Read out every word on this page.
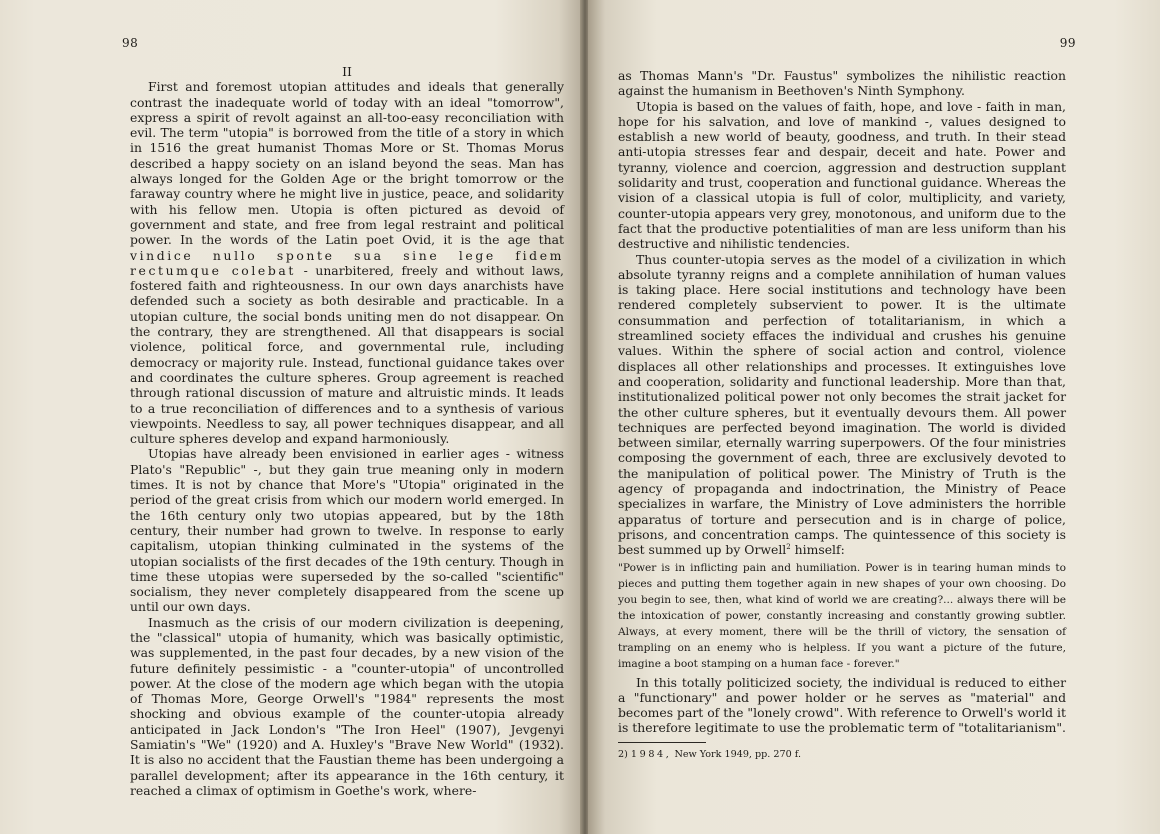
98
II

First and foremost utopian attitudes and ideals that generally contrast the inadequate world of today with an ideal "tomorrow", express a spirit of revolt against an all-too-easy reconciliation with evil. The term "utopia" is borrowed from the title of a story in which in 1516 the great humanist Thomas More or St. Thomas Morus described a happy society on an island beyond the seas. Man has always longed for the Golden Age or the bright tomorrow or the faraway country where he might live in justice, peace, and solidarity with his fellow men. Utopia is often pictured as devoid of government and state, and free from legal restraint and political power. In the words of the Latin poet Ovid, it is the age that vindice nullo sponte sua sine lege fidem rectumque colebat - unarbitered, freely and without laws, fostered faith and righteousness. In our own days anarchists have defended such a society as both desirable and practicable. In a utopian culture, the social bonds uniting men do not disappear. On the contrary, they are strengthened. All that disappears is social violence, political force, and governmental rule, including democracy or majority rule. Instead, functional guidance takes over and coordinates the culture spheres. Group agreement is reached through rational discussion of mature and altruistic minds. It leads to a true reconciliation of differences and to a synthesis of various viewpoints. Needless to say, all power techniques disappear, and all culture spheres develop and expand harmoniously.

Utopias have already been envisioned in earlier ages - witness Plato's "Republic" -, but they gain true meaning only in modern times. It is not by chance that More's "Utopia" originated in the period of the great crisis from which our modern world emerged. In the 16th century only two utopias appeared, but by the 18th century, their number had grown to twelve. In response to early capitalism, utopian thinking culminated in the systems of the utopian socialists of the first decades of the 19th century. Though in time these utopias were superseded by the so-called "scientific" socialism, they never completely disappeared from the scene up until our own days.

Inasmuch as the crisis of our modern civilization is deepening, the "classical" utopia of humanity, which was basically optimistic, was supplemented, in the past four decades, by a new vision of the future definitely pessimistic - a "counter-utopia" of uncontrolled power. At the close of the modern age which began with the utopia of Thomas More, George Orwell's "1984" represents the most shocking and obvious example of the counter-utopia already anticipated in Jack London's "The Iron Heel" (1907), Jevgenyi Samiatin's "We" (1920) and A. Huxley's "Brave New World" (1932). It is also no accident that the Faustian theme has been undergoing a parallel development; after its appearance in the 16th century, it reached a climax of optimism in Goethe's work, where-

99

as Thomas Mann's "Dr. Faustus" symbolizes the nihilistic reaction against the humanism in Beethoven's Ninth Symphony.

Utopia is based on the values of faith, hope, and love - faith in man, hope for his salvation, and love of mankind -, values designed to establish a new world of beauty, goodness, and truth. In their stead anti-utopia stresses fear and despair, deceit and hate. Power and tyranny, violence and coercion, aggression and destruction supplant solidarity and trust, cooperation and functional guidance. Whereas the vision of a classical utopia is full of color, multiplicity, and variety, counter-utopia appears very grey, monotonous, and uniform due to the fact that the productive potentialities of man are less uniform than his destructive and nihilistic tendencies.

Thus counter-utopia serves as the model of a civilization in which absolute tyranny reigns and a complete annihilation of human values is taking place. Here social institutions and technology have been rendered completely subservient to power. It is the ultimate consummation and perfection of totalitarianism, in which a streamlined society effaces the individual and crushes his genuine values. Within the sphere of social action and control, violence displaces all other relationships and processes. It extinguishes love and cooperation, solidarity and functional leadership. More than that, institutionalized political power not only becomes the strait jacket for the other culture spheres, but it eventually devours them. All power techniques are perfected beyond imagination. The world is divided between similar, eternally warring superpowers. Of the four ministries composing the government of each, three are exclusively devoted to the manipulation of political power. The Ministry of Truth is the agency of propaganda and indoctrination, the Ministry of Peace specializes in warfare, the Ministry of Love administers the horrible apparatus of torture and persecution and is in charge of police, prisons, and concentration camps. The quintessence of this society is best summed up by Orwell$^2$ himself:

"Power is in inflicting pain and humiliation. Power is in tearing human minds to pieces and putting them together again in new shapes of your own choosing. Do you begin to see, then, what kind of world we are creating?... always there will be the intoxication of power, constantly increasing and constantly growing subtler. Always, at every moment, there will be the thrill of victory, the sensation of trampling on an enemy who is helpless. If you want a picture of the future, imagine a boot stamping on a human face - forever."

In this totally politicized society, the individual is reduced to either a "functionary" and power holder or he serves as "material" and becomes part of the "lonely crowd". With reference to Orwell's world it is therefore legitimate to use the problematic term of "totalitarianism".

2) 1984, New York 1949, pp. 270 f.
